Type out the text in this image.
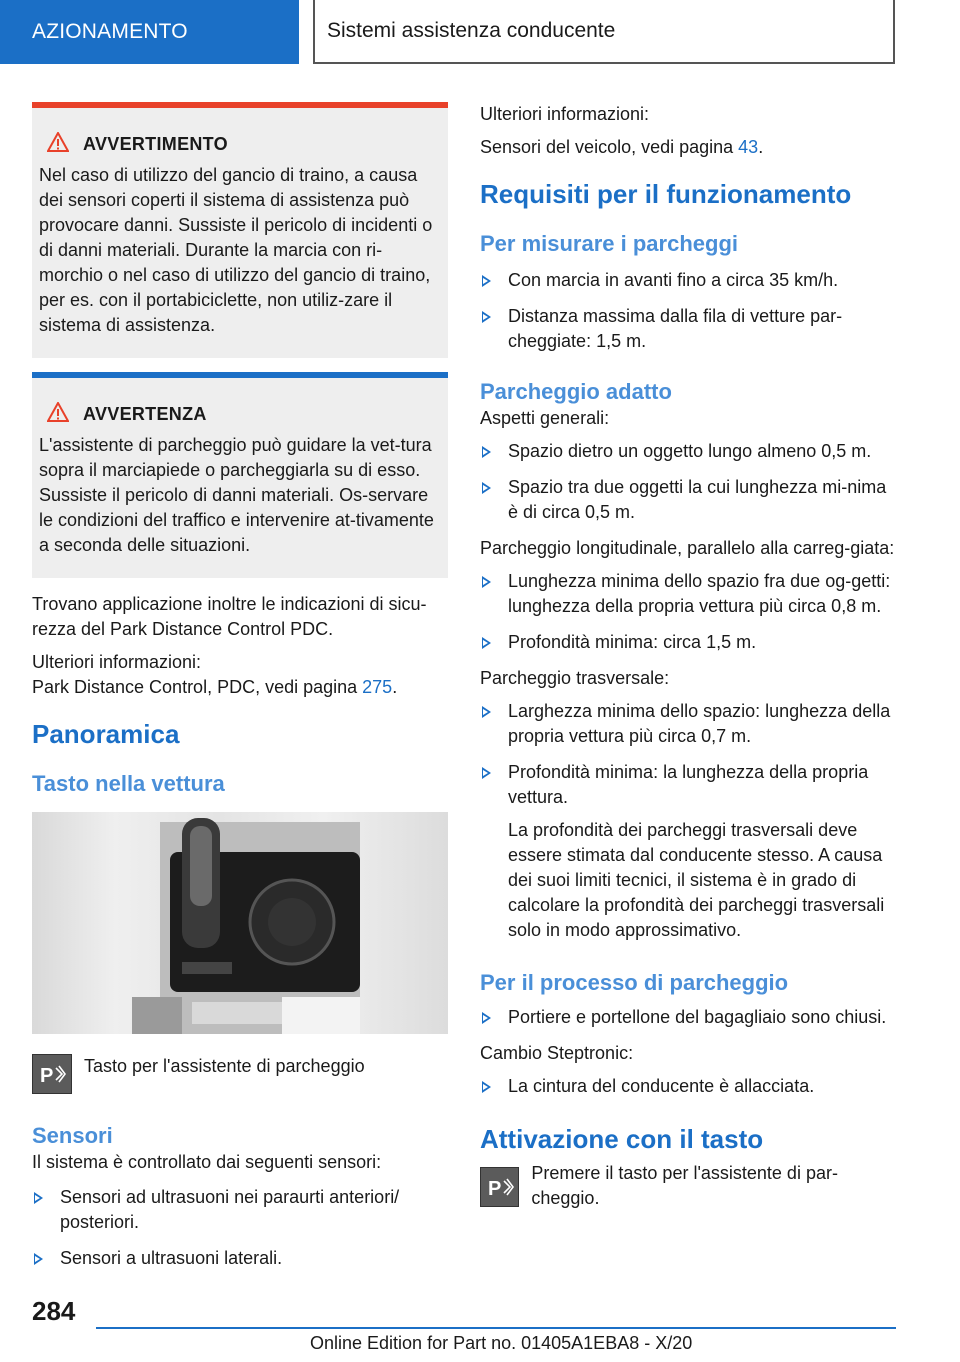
AZIONAMENTO	Sistemi assistenza conducente
AVVERTIMENTO

Nel caso di utilizzo del gancio di traino, a causa dei sensori coperti il sistema di assistenza può provocare danni. Sussiste il pericolo di incidenti o di danni materiali. Durante la marcia con ri-morchio o nel caso di utilizzo del gancio di traino, per es. con il portabiciclette, non utiliz-zare il sistema di assistenza.

AVVERTENZA

L'assistente di parcheggio può guidare la vet-tura sopra il marciapiede o parcheggiarla su di esso. Sussiste il pericolo di danni materiali. Os-servare le condizioni del traffico e intervenire at-tivamente a seconda delle situazioni.

Trovano applicazione inoltre le indicazioni di sicu-rezza del Park Distance Control PDC.

Ulteriori informazioni:

Park Distance Control, PDC, vedi pagina 275.

Panoramica
Tasto nella vettura
P Tasto per l'assistente di parcheggio

Sensori

Il sistema è controllato dai seguenti sensori:

Sensori ad ultrasuoni nei paraurti anteriori/ posteriori.
Sensori a ultrasuoni laterali.

Ulteriori informazioni:

Sensori del veicolo, vedi pagina 43.

Requisiti per il funzionamento
Per misurare i parcheggi
Con marcia in avanti fino a circa 35 km/h.
Distanza massima dalla fila di vetture par-cheggiate: 1,5 m.
Parcheggio adatto

Aspetti generali:

Spazio dietro un oggetto lungo almeno 0,5 m.
Spazio tra due oggetti la cui lunghezza mi-nima è di circa 0,5 m.

Parcheggio longitudinale, parallelo alla carreg-giata:

Lunghezza minima dello spazio fra due og-getti: lunghezza della propria vettura più circa 0,8 m.
Profondità minima: circa 1,5 m.

Parcheggio trasversale:

Larghezza minima dello spazio: lunghezza della propria vettura più circa 0,7 m.
Profondità minima: la lunghezza della propria vettura.

La profondità dei parcheggi trasversali deve essere stimata dal conducente stesso. A causa dei suoi limiti tecnici, il sistema è in grado di calcolare la profondità dei parcheggi trasversali solo in modo approssimativo.

Per il processo di parcheggio
Portiere e portellone del bagagliaio sono chiusi.

Cambio Steptronic:

La cintura del conducente è allacciata.
Attivazione con il tasto
P

Premere il tasto per l'assistente di par-cheggio.

284
Online Edition for Part no. 01405A1EBA8 - X/20
